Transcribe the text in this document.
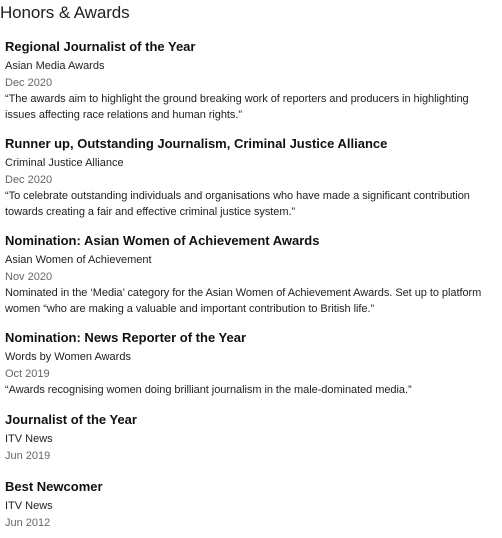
Honors & Awards
Regional Journalist of the Year
Asian Media Awards
Dec 2020
“The awards aim to highlight the ground breaking work of reporters and producers in highlighting issues affecting race relations and human rights.”
Runner up, Outstanding Journalism, Criminal Justice Alliance
Criminal Justice Alliance
Dec 2020
“To celebrate outstanding individuals and organisations who have made a significant contribution towards creating a fair and effective criminal justice system.”
Nomination: Asian Women of Achievement Awards
Asian Women of Achievement
Nov 2020
Nominated in the ‘Media’ category for the Asian Women of Achievement Awards. Set up to platform women “who are making a valuable and important contribution to British life.”
Nomination: News Reporter of the Year
Words by Women Awards
Oct 2019
“Awards recognising women doing brilliant journalism in the male-dominated media.”
Journalist of the Year
ITV News
Jun 2019
Best Newcomer
ITV News
Jun 2012
